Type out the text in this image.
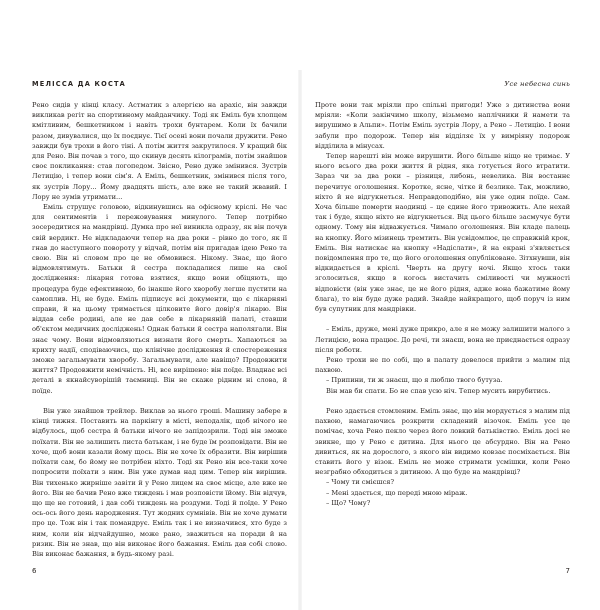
МЕЛІССА ДА КОСТА

Рено сидів у кінці класу. Астматик з алергією на арахіс, він завжди викликав регіт на спортивному майданчику. Тоді як Еміль був хлопцем кмітливим, бешкетником і навіть трохи бунтарем. Коли їх бачили разом, дивувалися, що їх поєднує. Тієї осені вони почали дружити. Рено завжди був трохи в його тіні. А потім життя закрутилося. У кращий бік для Рено. Він почав з того, що скинув десять кілограмів, потім знайшов своє покликання: став логопедом. Звісно, Рено дуже змінився. Зустрів Летицію, і тепер вони сім'я. А Еміль, бешкетник, змінився після того, як зустрів Лору... Йому двадцять шість, але вже не такий жвавий. І Лору не зумів утримати...

Еміль струшує головою, відкинувшись на офісному кріслі. Не час для сентиментів і пережовування минулого. Тепер потрібно зосередитися на мандрівці. Думка про неї виникла одразу, як він почув свій вердикт. Не відкладаючи тепер на два роки – рівно до того, як її гнав до наступного повороту у відчай, потім він пригадав ідею Рено та свою. Він ні словом про це не обмовився. Нікому. Знає, що його відмовлятимуть. Батьки й сестра покладалися лише на свої дослідження: лікарня готова взятися, якщо вони обіцяють, що процедура буде ефективною, бо інакше його хворобу легше пустити на самоплив. Ні, не буде. Еміль підписує всі документи, що є лікарняні справи, й на цьому тримається цілковите його довір'я лікарю. Він віддав себе родині, але не дав себе в лікарняній палаті, ставши об'єктом медичних досліджень! Однак батьки й сестра наполягали. Він знає чому. Вони відмовляються визнати його смерть. Хапаються за крихту надії, сподіваючись, що клінічне дослідження й спостереження зможе загальмувати хворобу. Загальмувати, але навіщо? Продовжити життя? Продовжити немічність. Ні, все вирішено: він поїде. Владнає всі деталі в якнайсуворішій таємниці. Він не скаже рідним ні слова, й поїде.

Він уже знайшов трейлер. Виклав за нього гроші. Машину забере в кінці тижня. Поставить на паркінгу в місті, неподалік, щоб нічого не відбулось, щоб сестра й батьки нічого не запідозрили. Тоді він зможе поїхати. Він не залишить листа батькам, і не буде їм розповідати. Він не хоче, щоб вони казали йому щось. Він не хоче їх образити. Він вирішив поїхати сам, бо йому не потрібен ніхто. Тоді як Рено він все-таки хоче попросити поїхати з ним. Він уже думав над цим. Тепер він вирішив. Він тихенько жирніше завіти й у Рено лицем на своє місце, але вже не його. Він не бачив Рено вже тиждень і мав розповісти їйому. Він відчув, що ще не готовий, і дав собі тиждень на роздуми. Тоді й поїде. У Рено ось-ось його день народження. Тут жодних сумнівів. Він не хоче думати про це. Тож він і так помандрує. Еміль так і не визначився, хто буде з ним, коли він відчайдушно, може рано, зважиться на поради й на ризик. Він не знав, що він виконає його бажання. Еміль дав собі слово. Він виконає бажання, в будь-якому разі.

6
Усе небесна синь

Проте вони так мріяли про спільні пригоди! Уже з дитинства вони мріяли: «Коли закінчимо школу, візьмемо наплічники й намети та вирушимо в Альпи». Потім Еміль зустрів Лору, а Рено – Летицію. І вони забули про подорож. Тепер він відділяє їх у вимріяну подорож відділила в мінусах.

Тепер нарешті він може вирушити. Його більше ніщо не тримає. У нього всього два роки життя й рідня, яка готується його втратити. Зараз чи за два роки – різниця, либонь, невелика. Він востаннє перечитує оголошення. Коротке, ясне, чітке й безлике. Так, можливо, ніхто й не відгукнеться. Неправдоподібно, він уже один поїде. Сам. Хоча більше померти наодинці – це єдине його тривожить. Але нехай так і буде, якщо ніхто не відгукнеться. Від цього більше засмучує бути одному. Тому він відважується. Чимало оголошення. Він кладе палець на кнопку. Його мізинець тремтить. Він усвідомлює, це справжній крок, Еміль. Він натискає на кнопку «Надіслати», й на екрані з'являється повідомлення про те, що його оголошення опубліковане. Зітхнувши, він відкидається в кріслі. Чверть на другу ночі. Якщо хтось таки зголоситься, якщо в когось вистачить сміливості чи мужності відповісти (він уже знає, це не його рідня, адже вона бажатиме йому блага), то він буде дуже радий. Знайде найкращого, щоб поруч із ним був супутник для мандрівки.

– Еміль, друже, мені дуже прикро, але я не можу залишити малого з Летицією, вона працює. До речі, ти знаєш, вона не приєднається одразу після роботи.

Рено трохи не по собі, що в палату довелося прийти з малим під пахвою.

– Припини, ти ж знаєш, що я люблю твого бутуза.

Він мав би спати. Бо не спав усю ніч. Тепер мусить вирубитись.

Рено здається стомленим. Еміль знає, що він мордується з малим під пахвою, намагаючись розкрити складений візочок. Еміль усе це помічає, хоча Рено пекло через його ловкий батьківство. Еміль досі не звикне, що у Рено є дитина. Для нього це абсурдно. Він на Рено дивиться, як на дорослого, з якого він видимо ковзає посміхається. Він ставить його у візок. Еміль не може стримати усмішки, коли Рено незграбно обходиться з дитиною. А що буде на мандрівці?

– Чому ти смієшся?

– Мені здається, що переді мною міраж.

– Що? Чому?

7
